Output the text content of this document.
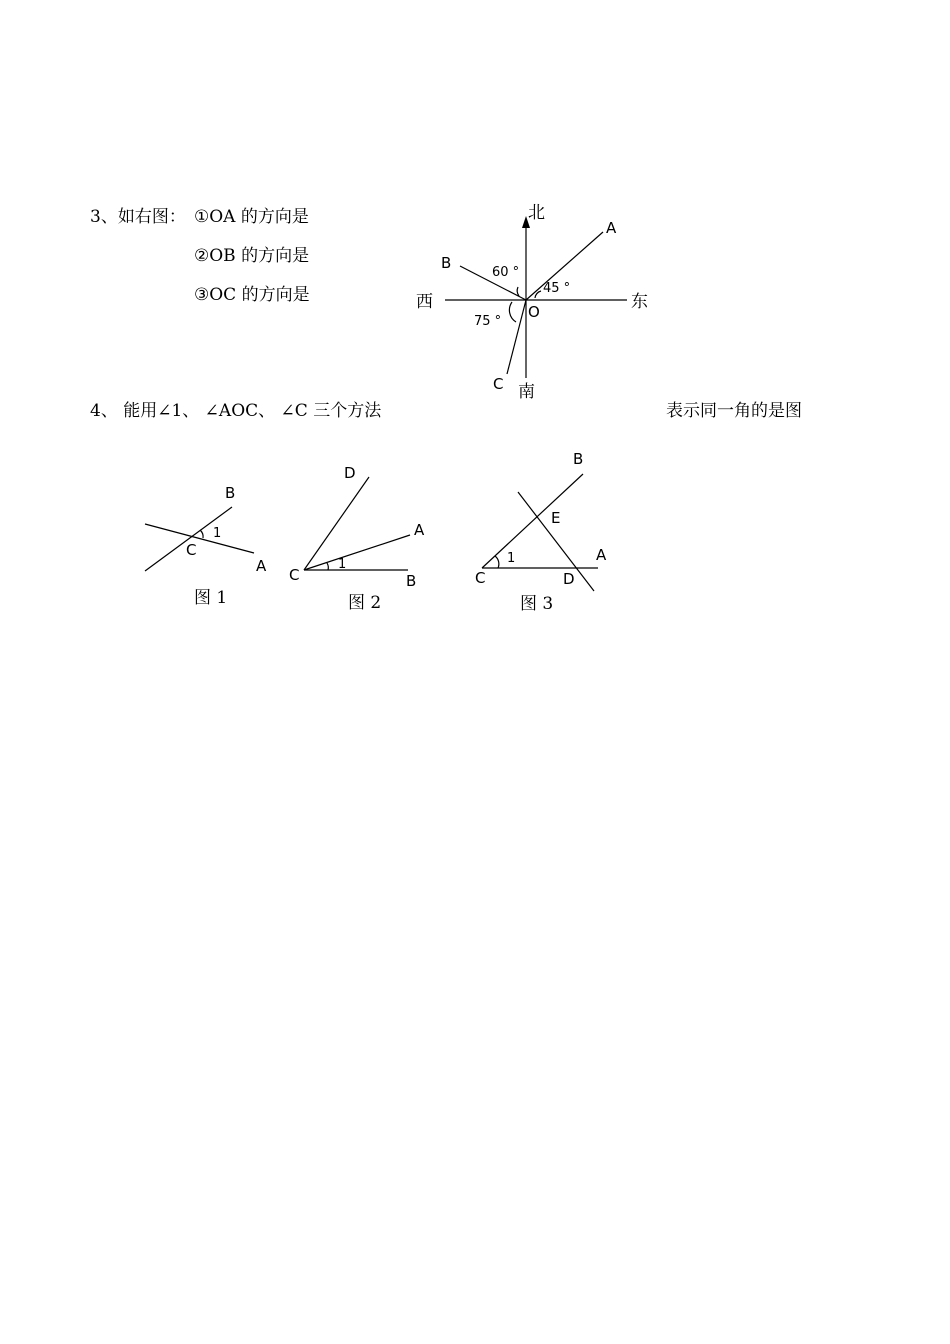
3、如右图： ①OA 的方向是
②OB 的方向是
③OC 的方向是
4、 能用∠1、 ∠AOC、 ∠C 三个方法	表示同一角的是图
北
南
东
西	O
A
B
C
60 °
45 °
75 °
B
C
A
1
图 1
D
A
C	B
1
图 2
B
E
A
C	D
1
图 3
